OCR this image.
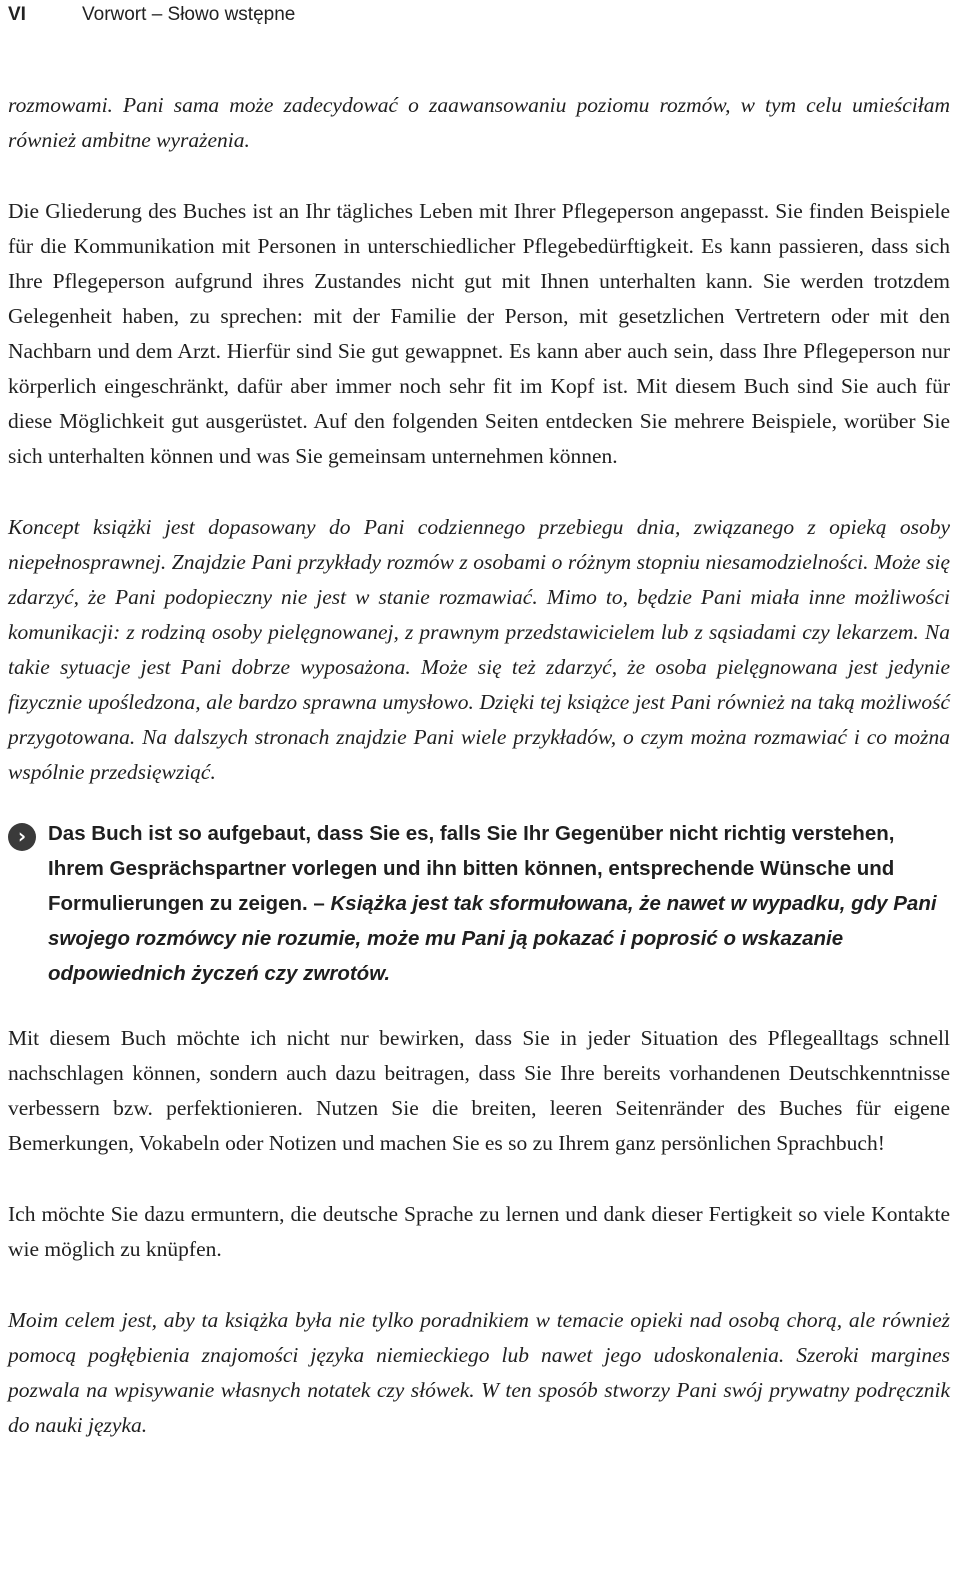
VI	Vorwort – Słowo wstępne

rozmowami. Pani sama może zadecydować o zaawansowaniu poziomu rozmów, w tym celu umieściłam również ambitne wyrażenia.

Die Gliederung des Buches ist an Ihr tägliches Leben mit Ihrer Pflegeperson angepasst. Sie finden Beispiele für die Kommunikation mit Personen in unterschiedlicher Pflegebedürftigkeit. Es kann passieren, dass sich Ihre Pflegeperson aufgrund ihres Zustandes nicht gut mit Ihnen unterhalten kann. Sie werden trotzdem Gelegenheit haben, zu sprechen: mit der Familie der Person, mit gesetzlichen Vertretern oder mit den Nachbarn und dem Arzt. Hierfür sind Sie gut gewappnet. Es kann aber auch sein, dass Ihre Pflegeperson nur körperlich eingeschränkt, dafür aber immer noch sehr fit im Kopf ist. Mit diesem Buch sind Sie auch für diese Möglichkeit gut ausgerüstet. Auf den folgenden Seiten entdecken Sie mehrere Beispiele, worüber Sie sich unterhalten können und was Sie gemeinsam unternehmen können.

Koncept książki jest dopasowany do Pani codziennego przebiegu dnia, związanego z opieką osoby niepełnosprawnej. Znajdzie Pani przykłady rozmów z osobami o różnym stopniu niesamodzielności. Może się zdarzyć, że Pani podopieczny nie jest w stanie rozmawiać. Mimo to, będzie Pani miała inne możliwości komunikacji: z rodziną osoby pielęgnowanej, z prawnym przedstawicielem lub z sąsiadami czy lekarzem. Na takie sytuacje jest Pani dobrze wyposażona. Może się też zdarzyć, że osoba pielęgnowana jest jedynie fizycznie upośledzona, ale bardzo sprawna umysłowo. Dzięki tej książce jest Pani również na taką możliwość przygotowana. Na dalszych stronach znajdzie Pani wiele przykładów, o czym można rozmawiać i co można wspólnie przedsięwziąć.

›	Das Buch ist so aufgebaut, dass Sie es, falls Sie Ihr Gegenüber nicht richtig verstehen, Ihrem Gesprächspartner vorlegen und ihn bitten können, entsprechende Wünsche und Formulierungen zu zeigen. – Książka jest tak sformułowana, że nawet w wypadku, gdy Pani swojego rozmówcy nie rozumie, może mu Pani ją pokazać i poprosić o wskazanie odpowiednich życzeń czy zwrotów.

Mit diesem Buch möchte ich nicht nur bewirken, dass Sie in jeder Situation des Pflegealltags schnell nachschlagen können, sondern auch dazu beitragen, dass Sie Ihre bereits vorhandenen Deutschkenntnisse verbessern bzw. perfektionieren. Nutzen Sie die breiten, leeren Seitenränder des Buches für eigene Bemerkungen, Vokabeln oder Notizen und machen Sie es so zu Ihrem ganz persönlichen Sprachbuch!

Ich möchte Sie dazu ermuntern, die deutsche Sprache zu lernen und dank dieser Fertigkeit so viele Kontakte wie möglich zu knüpfen.

Moim celem jest, aby ta książka była nie tylko poradnikiem w temacie opieki nad osobą chorą, ale również pomocą pogłębienia znajomości języka niemieckiego lub nawet jego udoskonalenia. Szeroki margines pozwala na wpisywanie własnych notatek czy słówek. W ten sposób stworzy Pani swój prywatny podręcznik do nauki języka.
